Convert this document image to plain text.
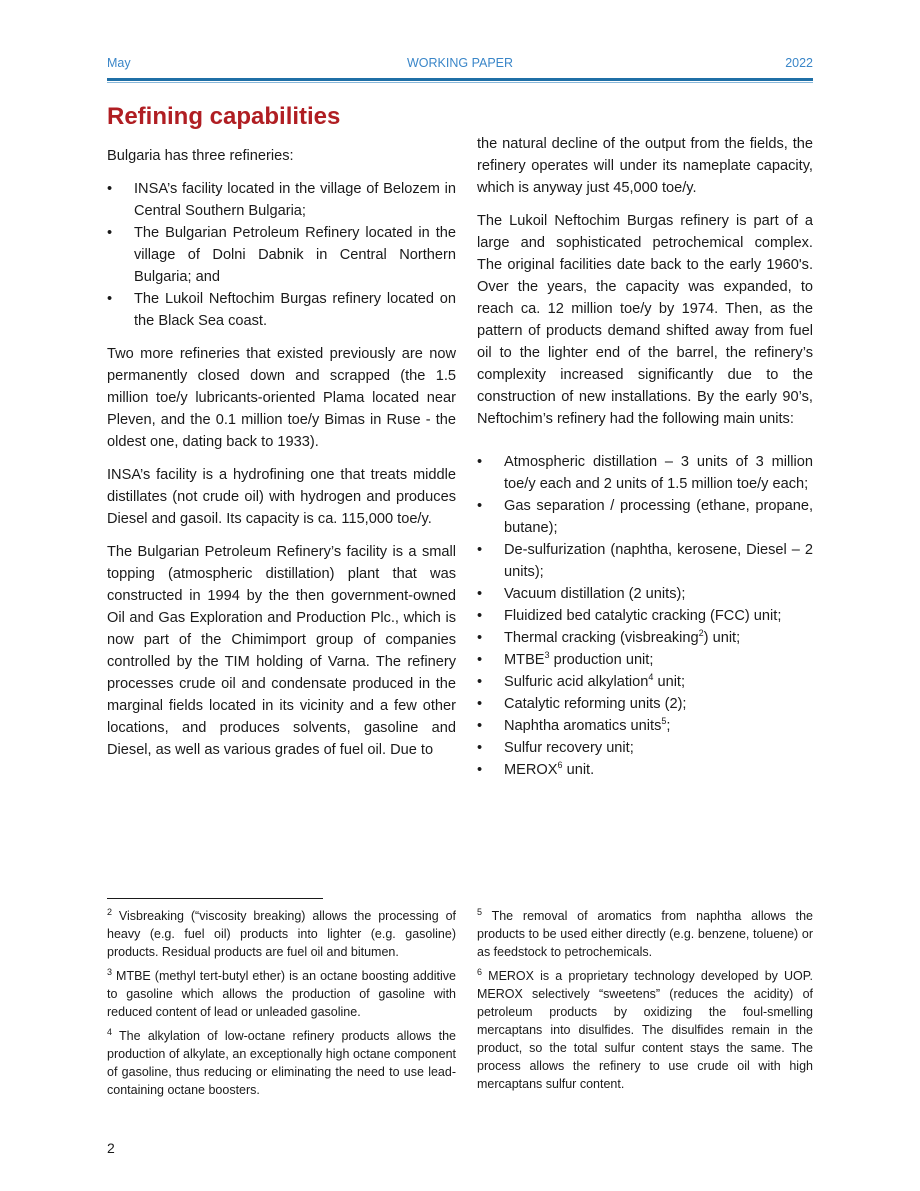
May	WORKING PAPER	2022
Refining capabilities

Bulgaria has three refineries:

• INSA’s facility located in the village of Belozem in Central Southern Bulgaria;
• The Bulgarian Petroleum Refinery located in the village of Dolni Dabnik in Central Northern Bulgaria; and
• The Lukoil Neftochim Burgas refinery located on the Black Sea coast.

Two more refineries that existed previously are now permanently closed down and scrapped (the 1.5 million toe/y lubricants-oriented Plama located near Pleven, and the 0.1 million toe/y Bimas in Ruse - the oldest one, dating back to 1933).

INSA’s facility is a hydrofining one that treats middle distillates (not crude oil) with hydrogen and produces Diesel and gasoil. Its capacity is ca. 115,000 toe/y.

The Bulgarian Petroleum Refinery’s facility is a small topping (atmospheric distillation) plant that was constructed in 1994 by the then government-owned Oil and Gas Exploration and Production Plc., which is now part of the Chimimport group of companies controlled by the TIM holding of Varna. The refinery processes crude oil and condensate produced in the marginal fields located in its vicinity and a few other locations, and produces solvents, gasoline and Diesel, as well as various grades of fuel oil. Due to

the natural decline of the output from the fields, the refinery operates will under its nameplate capacity, which is anyway just 45,000 toe/y.

The Lukoil Neftochim Burgas refinery is part of a large and sophisticated petrochemical complex. The original facilities date back to the early 1960's. Over the years, the capacity was expanded, to reach ca. 12 million toe/y by 1974. Then, as the pattern of products demand shifted away from fuel oil to the lighter end of the barrel, the refinery’s complexity increased significantly due to the construction of new installations. By the early 90’s, Neftochim’s refinery had the following main units:

• Atmospheric distillation – 3 units of 3 million toe/y each and 2 units of 1.5 million toe/y each;
• Gas separation / processing (ethane, propane, butane);
• De-sulfurization (naphtha, kerosene, Diesel – 2 units);
• Vacuum distillation (2 units);
• Fluidized bed catalytic cracking (FCC) unit;
• Thermal cracking (visbreaking$^2$) unit;
• MTBE$^3$ production unit;
• Sulfuric acid alkylation$^4$ unit;
• Catalytic reforming units (2);
• Naphtha aromatics units$^5$;
• Sulfur recovery unit;
• MEROX$^6$ unit.

$^2$ Visbreaking (“viscosity breaking) allows the processing of heavy (e.g. fuel oil) products into lighter (e.g. gasoline) products. Residual products are fuel oil and bitumen.

$^3$ MTBE (methyl tert-butyl ether) is an octane boosting additive to gasoline which allows the production of gasoline with reduced content of lead or unleaded gasoline.

$^4$ The alkylation of low-octane refinery products allows the production of alkylate, an exceptionally high octane component of gasoline, thus reducing or eliminating the need to use lead-containing octane boosters.

$^5$ The removal of aromatics from naphtha allows the products to be used either directly (e.g. benzene, toluene) or as feedstock to petrochemicals.

$^6$ MEROX is a proprietary technology developed by UOP. MEROX selectively “sweetens” (reduces the acidity) of petroleum products by oxidizing the foul-smelling mercaptans into disulfides. The disulfides remain in the product, so the total sulfur content stays the same. The process allows the refinery to use crude oil with high mercaptans sulfur content.

2
